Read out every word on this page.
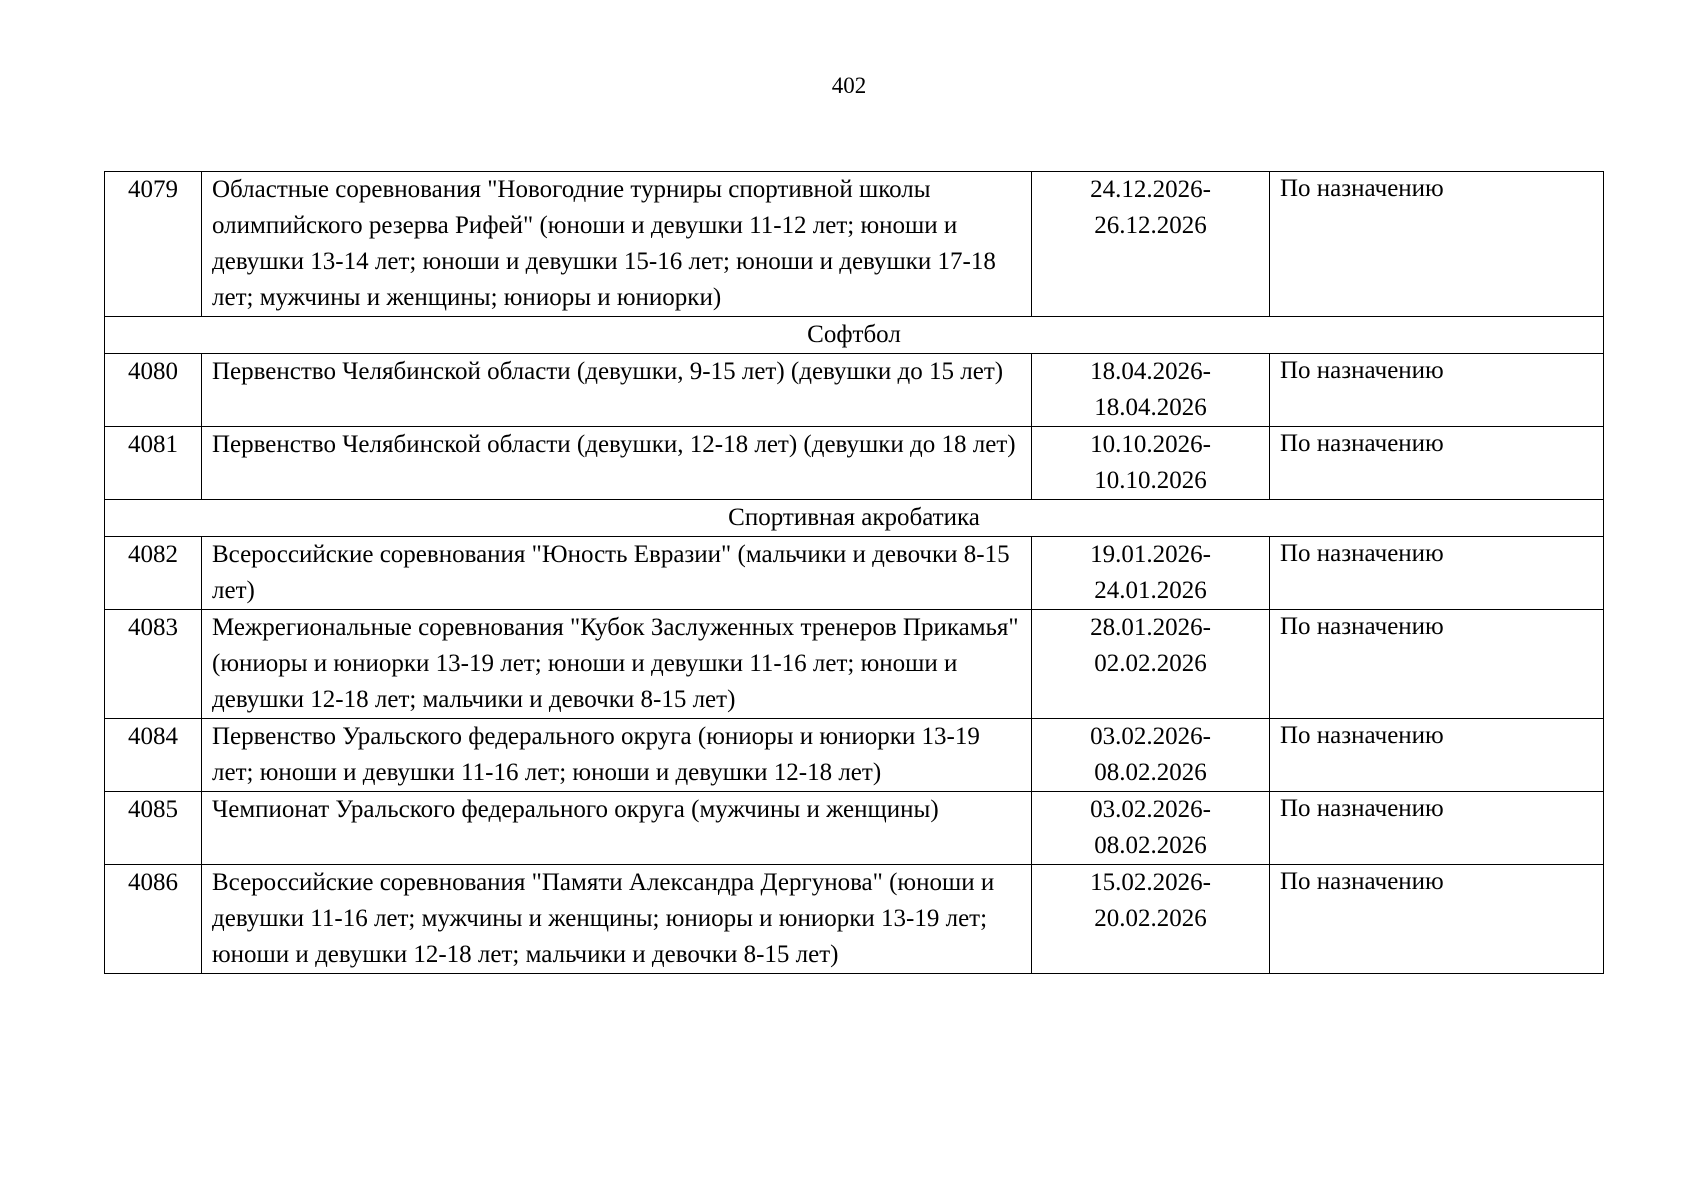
402
4079	Областные соревнования "Новогодние турниры спортивной школы олимпийского резерва Рифей" (юноши и девушки 11-12 лет; юноши и девушки 13-14 лет; юноши и девушки 15-16 лет; юноши и девушки 17-18 лет; мужчины и женщины; юниоры и юниорки)	24.12.2026-26.12.2026	По назначению
Софтбол			
4080	Первенство Челябинской области (девушки, 9-15 лет) (девушки до 15 лет)	18.04.2026-18.04.2026	По назначению
4081	Первенство Челябинской области (девушки, 12-18 лет) (девушки до 18 лет)	10.10.2026-10.10.2026	По назначению
Спортивная акробатика			
4082	Всероссийские соревнования "Юность Евразии" (мальчики и девочки 8-15 лет)	19.01.2026-24.01.2026	По назначению
4083	Межрегиональные соревнования "Кубок Заслуженных тренеров Прикамья" (юниоры и юниорки 13-19 лет; юноши и девушки 11-16 лет; юноши и девушки 12-18 лет; мальчики и девочки 8-15 лет)	28.01.2026-02.02.2026	По назначению
4084	Первенство Уральского федерального округа (юниоры и юниорки 13-19 лет; юноши и девушки 11-16 лет; юноши и девушки 12-18 лет)	03.02.2026-08.02.2026	По назначению
4085	Чемпионат Уральского федерального округа (мужчины и женщины)	03.02.2026-08.02.2026	По назначению
4086	Всероссийские соревнования "Памяти Александра Дергунова" (юноши и девушки 11-16 лет; мужчины и женщины; юниоры и юниорки 13-19 лет; юноши и девушки 12-18 лет; мальчики и девочки 8-15 лет)	15.02.2026-20.02.2026	По назначению
